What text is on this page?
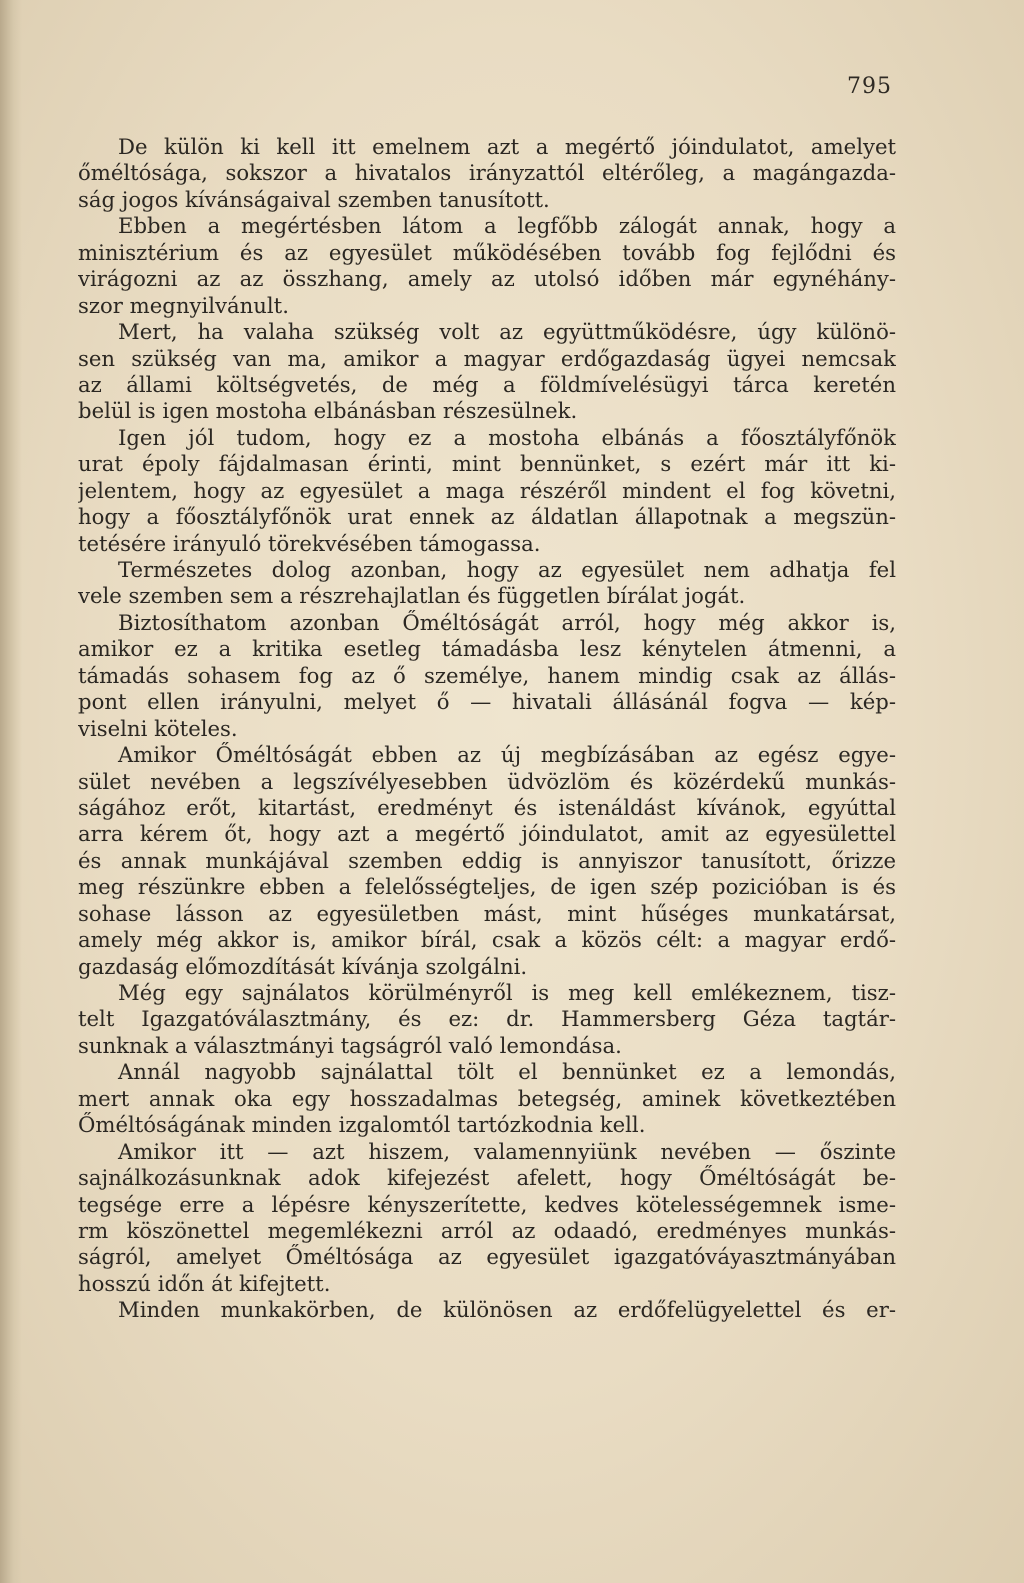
795
De külön ki kell itt emelnem azt a megértő jóindulatot, amelyet
őméltósága, sokszor a hivatalos irányzattól eltérőleg, a magángazda-
ság jogos kívánságaival szemben tanusított.
Ebben a megértésben látom a legfőbb zálogát annak, hogy a
minisztérium és az egyesület működésében tovább fog fejlődni és
virágozni az az összhang, amely az utolsó időben már egynéhány-
szor megnyilvánult.
Mert, ha valaha szükség volt az együttműködésre, úgy különö-
sen szükség van ma, amikor a magyar erdőgazdaság ügyei nemcsak
az állami költségvetés, de még a földmívelésügyi tárca keretén
belül is igen mostoha elbánásban részesülnek.
Igen jól tudom, hogy ez a mostoha elbánás a főosztályfőnök
urat époly fájdalmasan érinti, mint bennünket, s ezért már itt ki-
jelentem, hogy az egyesület a maga részéről mindent el fog követni,
hogy a főosztályfőnök urat ennek az áldatlan állapotnak a megszün-
tetésére irányuló törekvésében támogassa.
Természetes dolog azonban, hogy az egyesület nem adhatja fel
vele szemben sem a részrehajlatlan és független bírálat jogát.
Biztosíthatom azonban Őméltóságát arról, hogy még akkor is,
amikor ez a kritika esetleg támadásba lesz kénytelen átmenni, a
támadás sohasem fog az ő személye, hanem mindig csak az állás-
pont ellen irányulni, melyet ő — hivatali állásánál fogva — kép-
viselni köteles.
Amikor Őméltóságát ebben az új megbízásában az egész egye-
sület nevében a legszívélyesebben üdvözlöm és közérdekű munkás-
ságához erőt, kitartást, eredményt és istenáldást kívánok, egyúttal
arra kérem őt, hogy azt a megértő jóindulatot, amit az egyesülettel
és annak munkájával szemben eddig is annyiszor tanusított, őrizze
meg részünkre ebben a felelősségteljes, de igen szép pozicióban is és
sohase lásson az egyesületben mást, mint hűséges munkatársat,
amely még akkor is, amikor bírál, csak a közös célt: a magyar erdő-
gazdaság előmozdítását kívánja szolgálni.
Még egy sajnálatos körülményről is meg kell emlékeznem, tisz-
telt Igazgatóválasztmány, és ez: dr. Hammersberg Géza tagtár-
sunknak a választmányi tagságról való lemondása.
Annál nagyobb sajnálattal tölt el bennünket ez a lemondás,
mert annak oka egy hosszadalmas betegség, aminek következtében
Őméltóságának minden izgalomtól tartózkodnia kell.
Amikor itt — azt hiszem, valamennyiünk nevében — őszinte
sajnálkozásunknak adok kifejezést afelett, hogy Őméltóságát be-
tegsége erre a lépésre kényszerítette, kedves kötelességemnek isme-
rm köszönettel megemlékezni arról az odaadó, eredményes munkás-
ságról, amelyet Őméltósága az egyesület igazgatóváyasztmányában
hosszú időn át kifejtett.
Minden munkakörben, de különösen az erdőfelügyelettel és er-
